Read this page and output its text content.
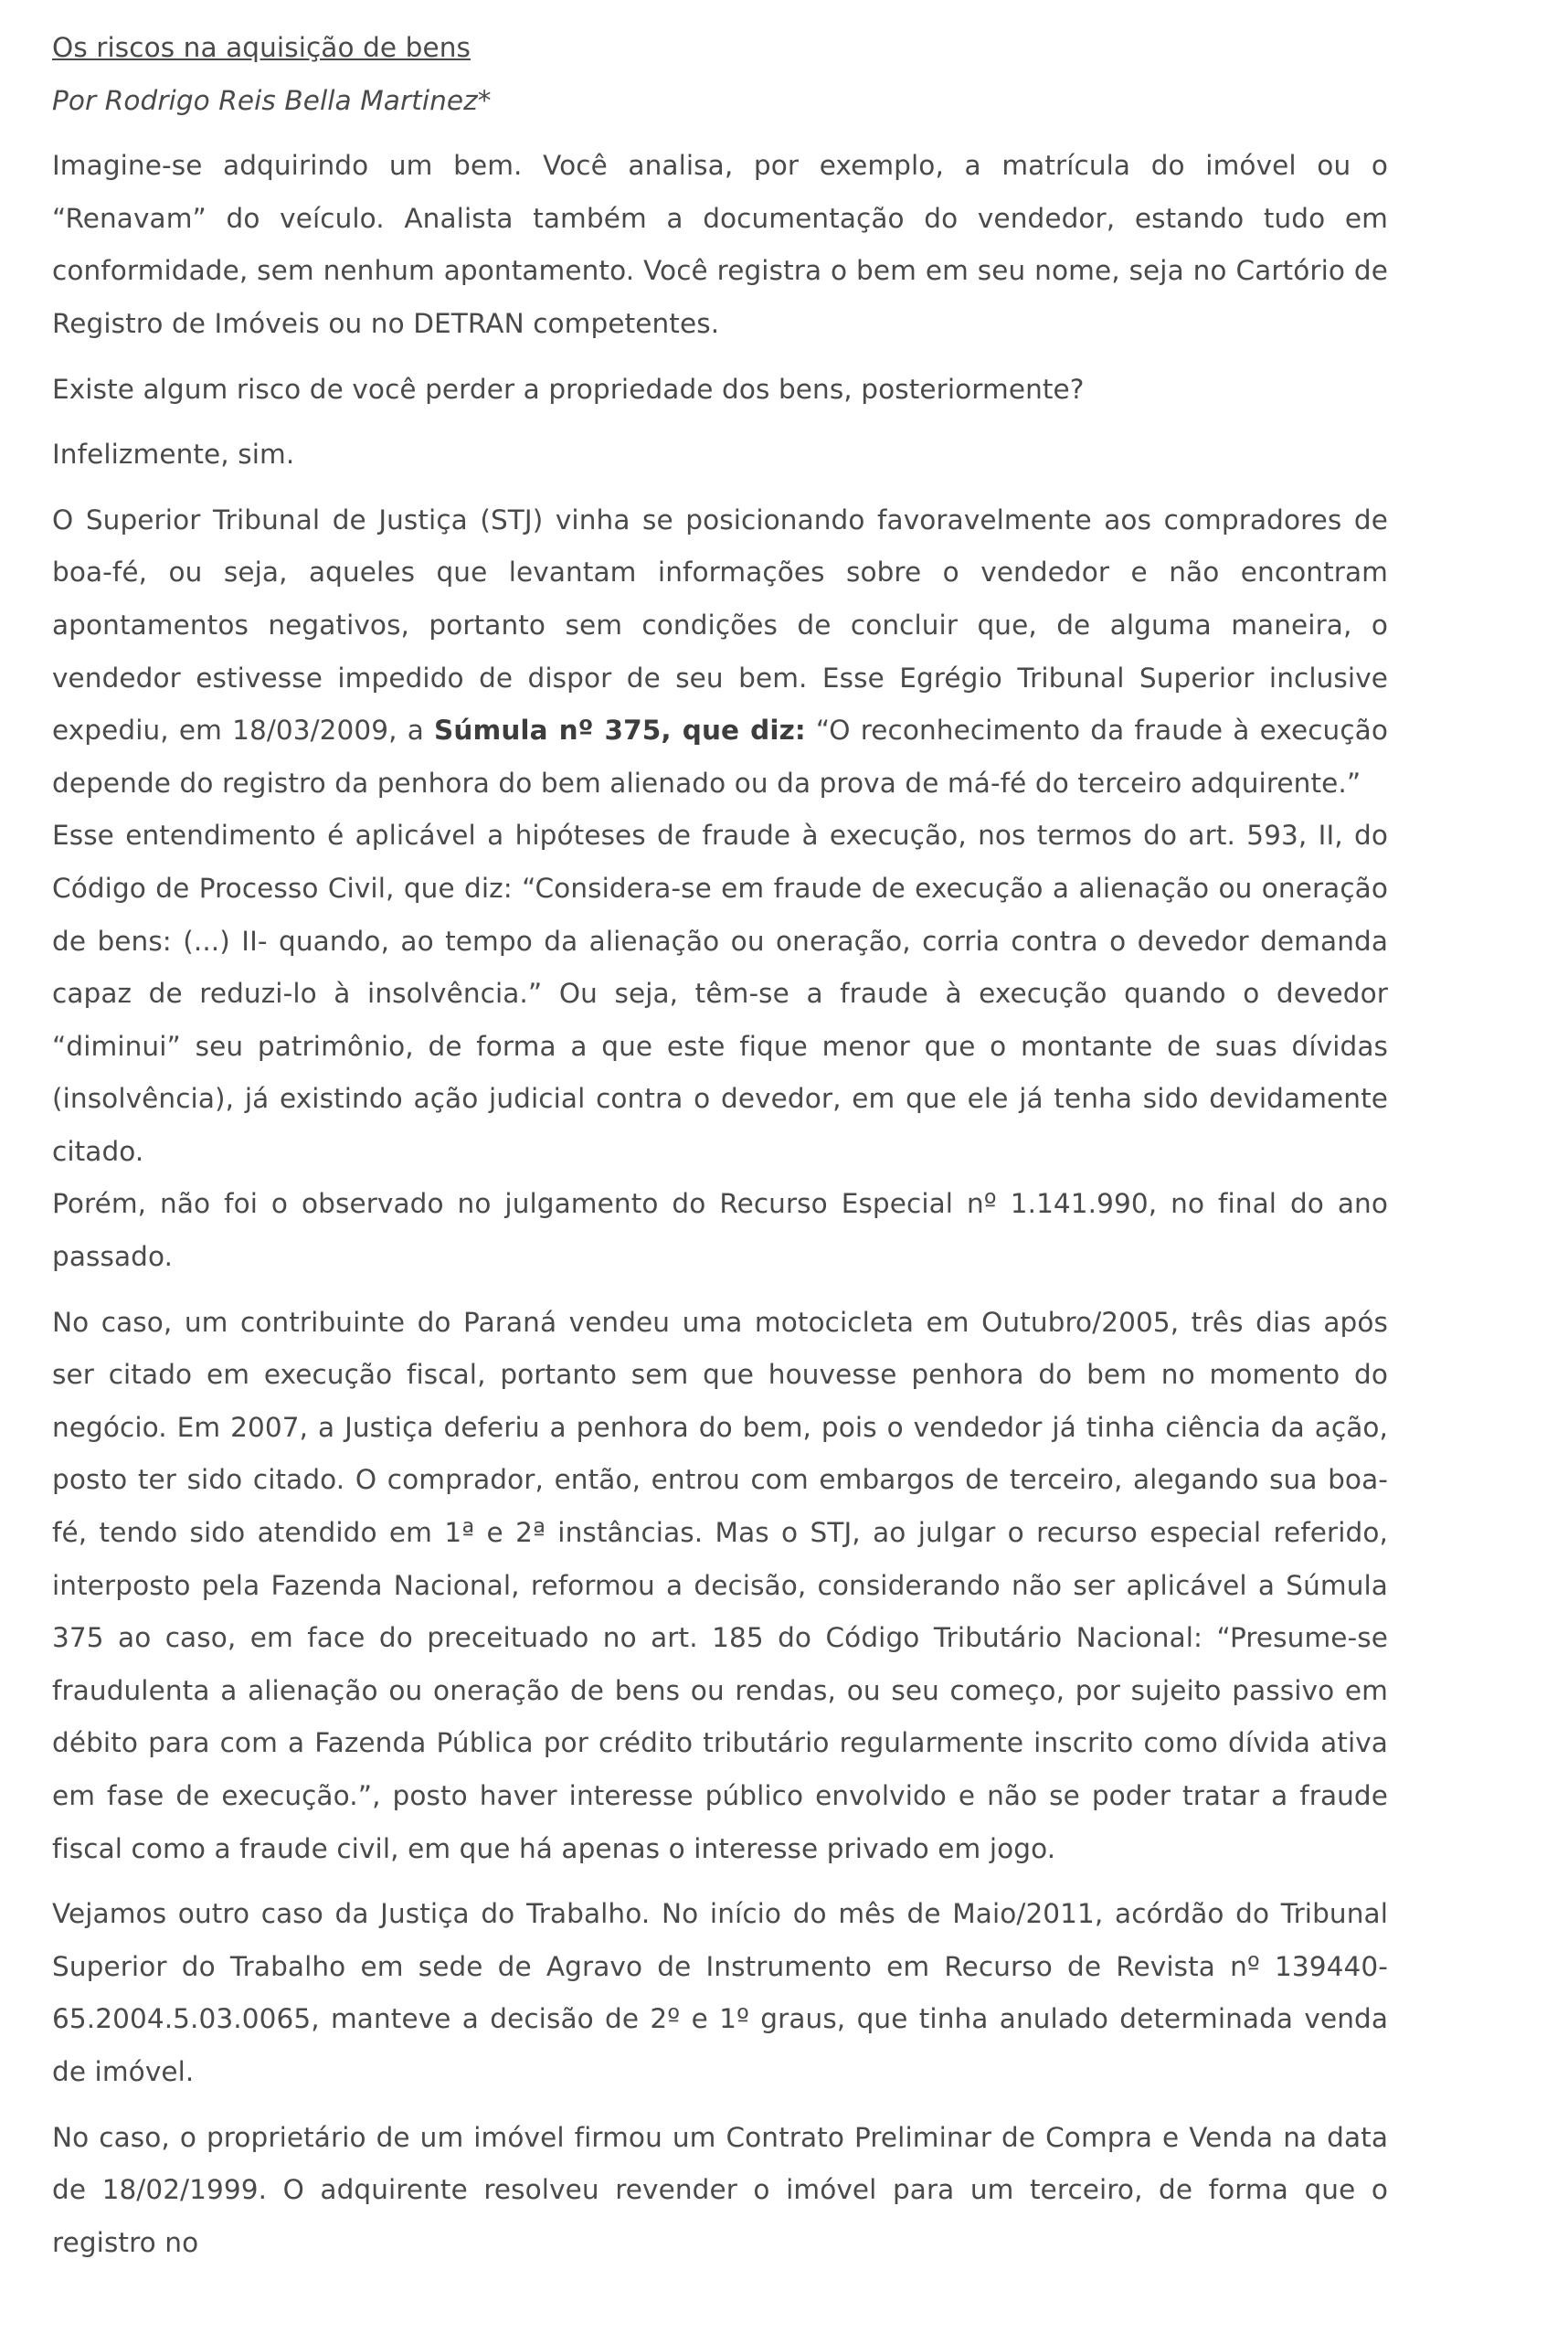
Os riscos na aquisição de bens
Por Rodrigo Reis Bella Martinez*

Imagine-se adquirindo um bem. Você analisa, por exemplo, a matrícula do imóvel ou o “Renavam” do veículo. Analista também a documentação do vendedor, estando tudo em conformidade, sem nenhum apontamento. Você registra o bem em seu nome, seja no Cartório de Registro de Imóveis ou no DETRAN competentes.

Existe algum risco de você perder a propriedade dos bens, posteriormente?

Infelizmente, sim.

O Superior Tribunal de Justiça (STJ) vinha se posicionando favoravelmente aos compradores de boa-fé, ou seja, aqueles que levantam informações sobre o vendedor e não encontram apontamentos negativos, portanto sem condições de concluir que, de alguma maneira, o vendedor estivesse impedido de dispor de seu bem. Esse Egrégio Tribunal Superior inclusive expediu, em 18/03/2009, a Súmula nº 375, que diz: “O reconhecimento da fraude à execução depende do registro da penhora do bem alienado ou da prova de má-fé do terceiro adquirente.”

Esse entendimento é aplicável a hipóteses de fraude à execução, nos termos do art. 593, II, do Código de Processo Civil, que diz: “Considera-se em fraude de execução a alienação ou oneração de bens: (...) II- quando, ao tempo da alienação ou oneração, corria contra o devedor demanda capaz de reduzi-lo à insolvência.” Ou seja, têm-se a fraude à execução quando o devedor “diminui” seu patrimônio, de forma a que este fique menor que o montante de suas dívidas (insolvência), já existindo ação judicial contra o devedor, em que ele já tenha sido devidamente citado.

Porém, não foi o observado no julgamento do Recurso Especial nº 1.141.990, no final do ano passado.

No caso, um contribuinte do Paraná vendeu uma motocicleta em Outubro/2005, três dias após ser citado em execução fiscal, portanto sem que houvesse penhora do bem no momento do negócio. Em 2007, a Justiça deferiu a penhora do bem, pois o vendedor já tinha ciência da ação, posto ter sido citado. O comprador, então, entrou com embargos de terceiro, alegando sua boa-fé, tendo sido atendido em 1ª e 2ª instâncias. Mas o STJ, ao julgar o recurso especial referido, interposto pela Fazenda Nacional, reformou a decisão, considerando não ser aplicável a Súmula 375 ao caso, em face do preceituado no art. 185 do Código Tributário Nacional: “Presume-se fraudulenta a alienação ou oneração de bens ou rendas, ou seu começo, por sujeito passivo em débito para com a Fazenda Pública por crédito tributário regularmente inscrito como dívida ativa em fase de execução.”, posto haver interesse público envolvido e não se poder tratar a fraude fiscal como a fraude civil, em que há apenas o interesse privado em jogo.

Vejamos outro caso da Justiça do Trabalho. No início do mês de Maio/2011, acórdão do Tribunal Superior do Trabalho em sede de Agravo de Instrumento em Recurso de Revista nº 139440-65.2004.5.03.0065, manteve a decisão de 2º e 1º graus, que tinha anulado determinada venda de imóvel.

No caso, o proprietário de um imóvel firmou um Contrato Preliminar de Compra e Venda na data de 18/02/1999. O adquirente resolveu revender o imóvel para um terceiro, de forma que o registro no
